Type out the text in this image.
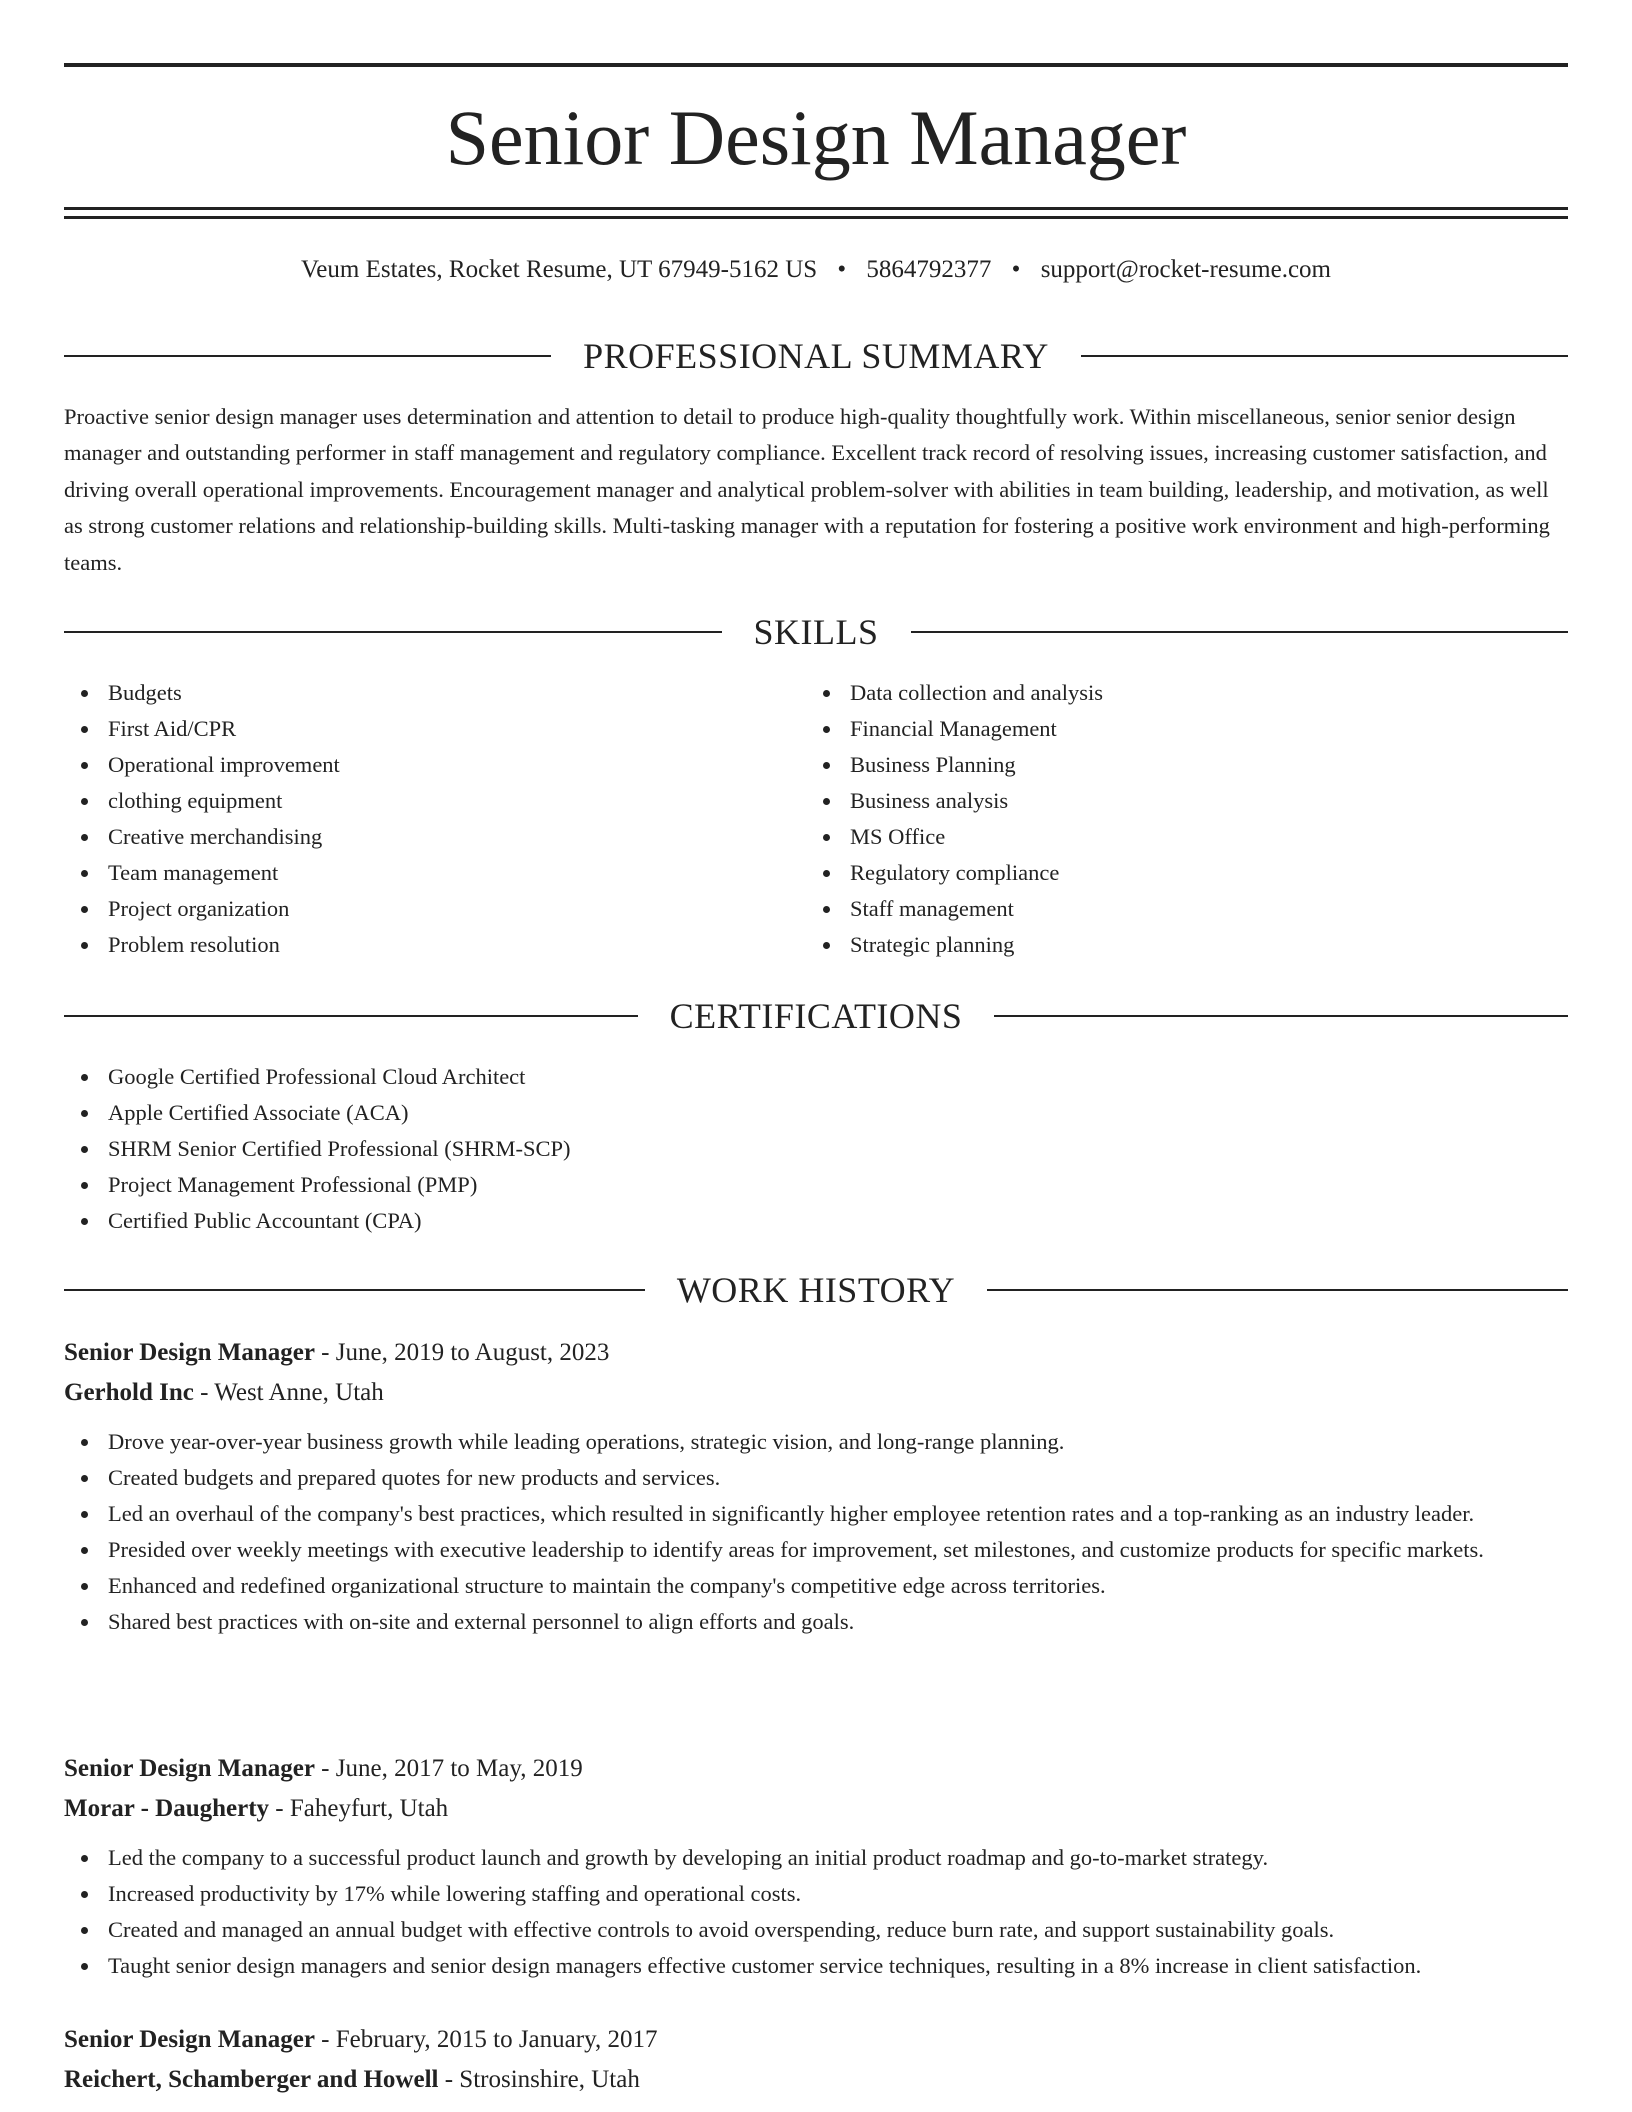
Senior Design Manager
Veum Estates, Rocket Resume, UT 67949-5162 US • 5864792377 • support@rocket-resume.com
PROFESSIONAL SUMMARY

Proactive senior design manager uses determination and attention to detail to produce high-quality thoughtfully work. Within miscellaneous, senior senior design manager and outstanding performer in staff management and regulatory compliance. Excellent track record of resolving issues, increasing customer satisfaction, and driving overall operational improvements. Encouragement manager and analytical problem-solver with abilities in team building, leadership, and motivation, as well as strong customer relations and relationship-building skills. Multi-tasking manager with a reputation for fostering a positive work environment and high-performing teams.

SKILLS
Budgets
First Aid/CPR
Operational improvement
clothing equipment
Creative merchandising
Team management
Project organization
Problem resolution
Data collection and analysis
Financial Management
Business Planning
Business analysis
MS Office
Regulatory compliance
Staff management
Strategic planning
CERTIFICATIONS
Google Certified Professional Cloud Architect
Apple Certified Associate (ACA)
SHRM Senior Certified Professional (SHRM-SCP)
Project Management Professional (PMP)
Certified Public Accountant (CPA)
WORK HISTORY
Senior Design Manager - June, 2019 to August, 2023
Gerhold Inc - West Anne, Utah
Drove year-over-year business growth while leading operations, strategic vision, and long-range planning.
Created budgets and prepared quotes for new products and services.
Led an overhaul of the company's best practices, which resulted in significantly higher employee retention rates and a top-ranking as an industry leader.
Presided over weekly meetings with executive leadership to identify areas for improvement, set milestones, and customize products for specific markets.
Enhanced and redefined organizational structure to maintain the company's competitive edge across territories.
Shared best practices with on-site and external personnel to align efforts and goals.
Senior Design Manager - June, 2017 to May, 2019
Morar - Daugherty - Faheyfurt, Utah
Led the company to a successful product launch and growth by developing an initial product roadmap and go-to-market strategy.
Increased productivity by 17% while lowering staffing and operational costs.
Created and managed an annual budget with effective controls to avoid overspending, reduce burn rate, and support sustainability goals.
Taught senior design managers and senior design managers effective customer service techniques, resulting in a 8% increase in client satisfaction.
Senior Design Manager - February, 2015 to January, 2017
Reichert, Schamberger and Howell - Strosinshire, Utah
